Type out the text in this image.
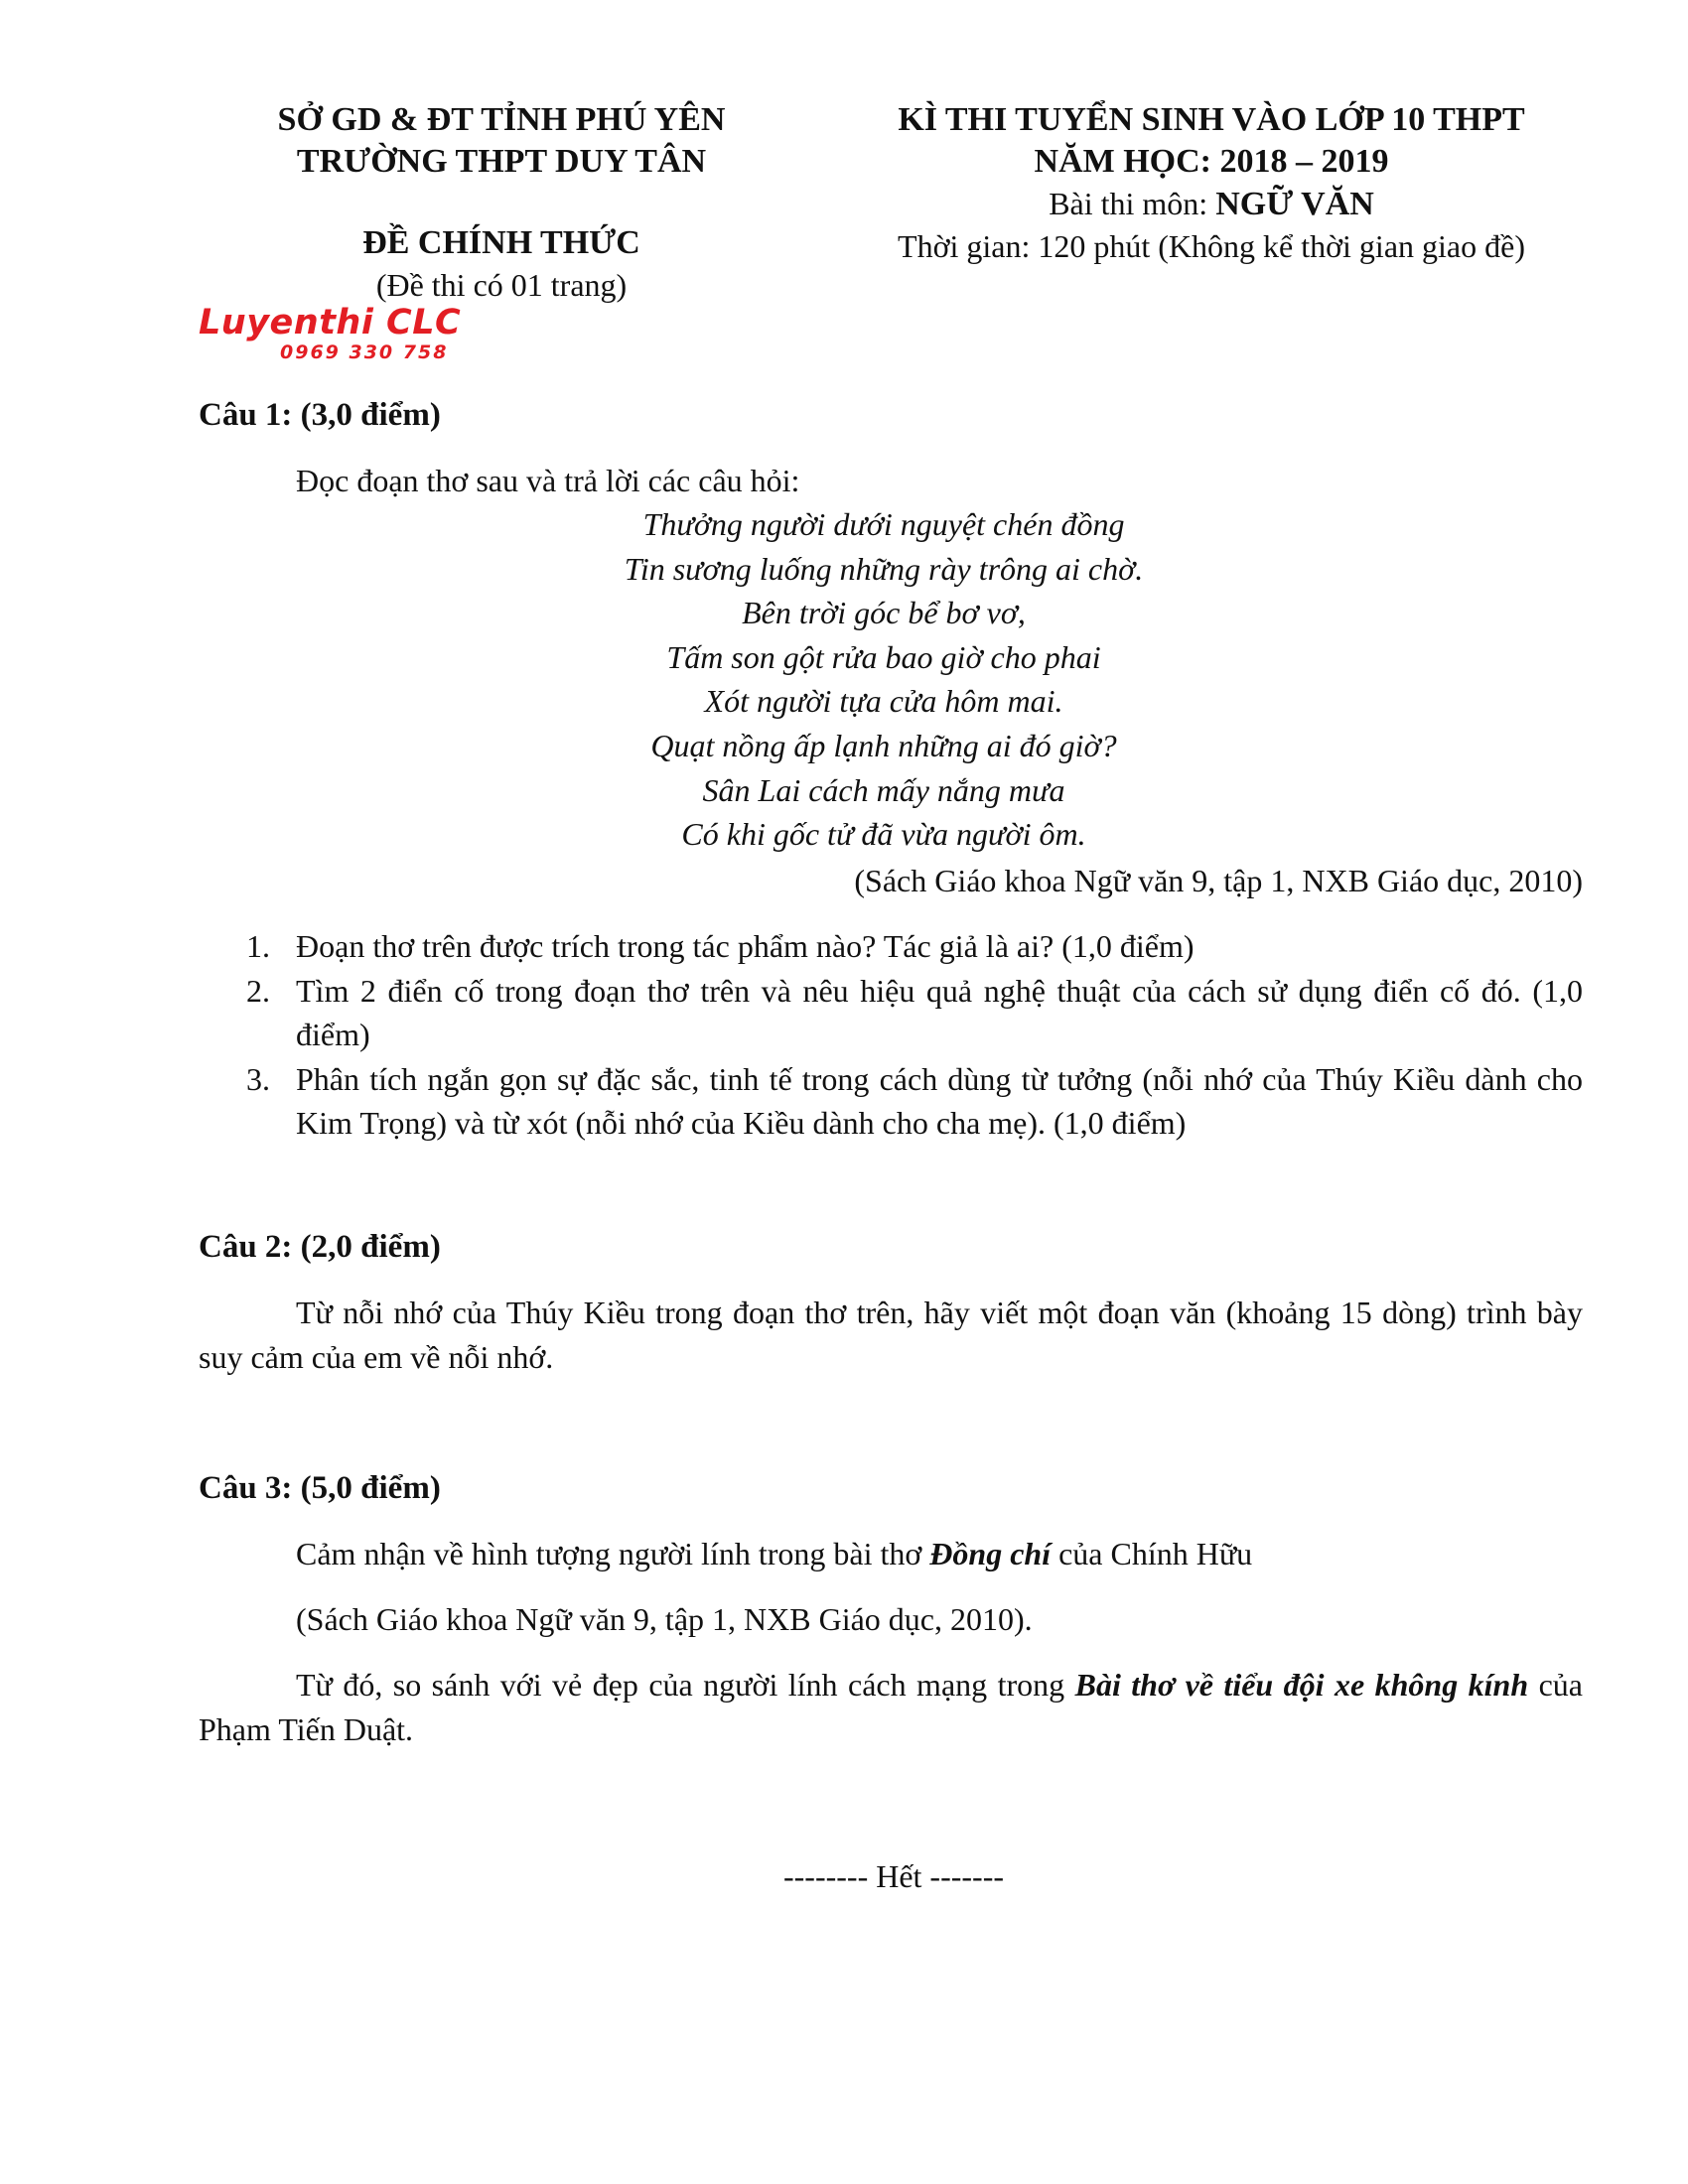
SỞ GD & ĐT TỈNH PHÚ YÊN
TRƯỜNG THPT DUY TÂN
ĐỀ CHÍNH THỨC
(Đề thi có 01 trang)
Luyenthi CLC
0969 330 758
KÌ THI TUYỂN SINH VÀO LỚP 10 THPT
NĂM HỌC: 2018 – 2019
Bài thi môn: NGỮ VĂN
Thời gian: 120 phút (Không kể thời gian giao đề)
Câu 1: (3,0 điểm)
Đọc đoạn thơ sau và trả lời các câu hỏi:
Thưởng người dưới nguyệt chén đồng
Tin sương luống những rày trông ai chờ.
Bên trời góc bể bơ vơ,
Tấm son gột rửa bao giờ cho phai
Xót người tựa cửa hôm mai.
Quạt nồng ấp lạnh những ai đó giờ?
Sân Lai cách mấy nắng mưa
Có khi gốc tử đã vừa người ôm.
(Sách Giáo khoa Ngữ văn 9, tập 1, NXB Giáo dục, 2010)
1. Đoạn thơ trên được trích trong tác phẩm nào? Tác giả là ai? (1,0 điểm)
2. Tìm 2 điển cố trong đoạn thơ trên và nêu hiệu quả nghệ thuật của cách sử dụng điển cố đó. (1,0 điểm)
3. Phân tích ngắn gọn sự đặc sắc, tinh tế trong cách dùng từ tưởng (nỗi nhớ của Thúy Kiều dành cho Kim Trọng) và từ xót (nỗi nhớ của Kiều dành cho cha mẹ). (1,0 điểm)
Câu 2: (2,0 điểm)
Từ nỗi nhớ của Thúy Kiều trong đoạn thơ trên, hãy viết một đoạn văn (khoảng 15 dòng) trình bày suy cảm của em về nỗi nhớ.
Câu 3: (5,0 điểm)
Cảm nhận về hình tượng người lính trong bài thơ Đồng chí của Chính Hữu
(Sách Giáo khoa Ngữ văn 9, tập 1, NXB Giáo dục, 2010).
Từ đó, so sánh với vẻ đẹp của người lính cách mạng trong Bài thơ về tiểu đội xe không kính của Phạm Tiến Duật.
-------- Hết -------
